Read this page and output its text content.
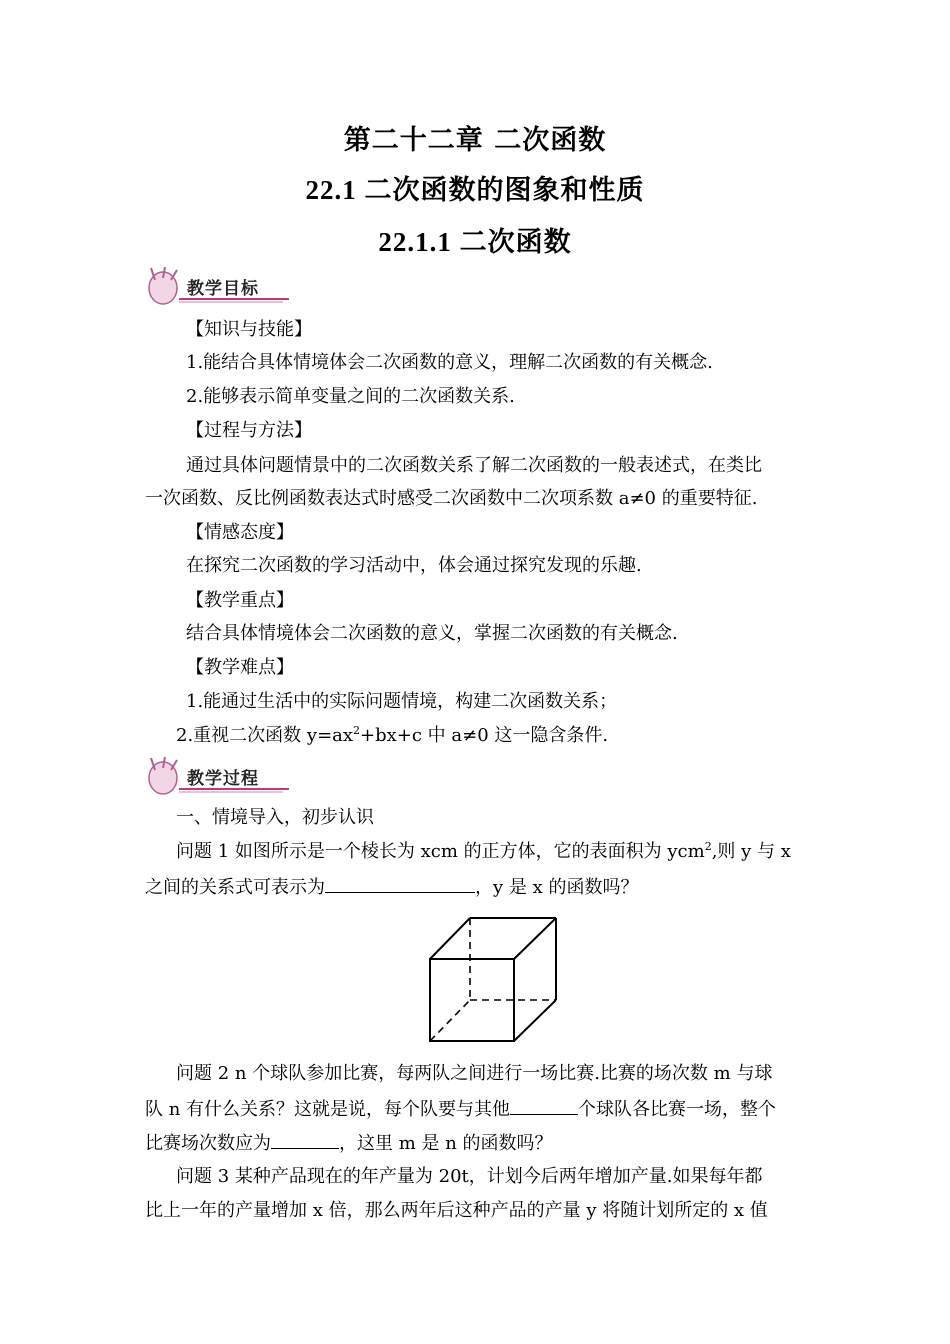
第二十二章 二次函数
22.1 二次函数的图象和性质
22.1.1 二次函数
教学目标
【知识与技能】
1.能结合具体情境体会二次函数的意义，理解二次函数的有关概念.
2.能够表示简单变量之间的二次函数关系.
【过程与方法】
通过具体问题情景中的二次函数关系了解二次函数的一般表述式，在类比
一次函数、反比例函数表达式时感受二次函数中二次项系数 a≠0 的重要特征.
【情感态度】
在探究二次函数的学习活动中，体会通过探究发现的乐趣.
【教学重点】
结合具体情境体会二次函数的意义，掌握二次函数的有关概念.
【教学难点】
1.能通过生活中的实际问题情境，构建二次函数关系；
2.重视二次函数 $y=ax^2+bx+c$ 中 a≠0 这一隐含条件.
教学过程
一、情境导入，初步认识
问题 1 如图所示是一个棱长为 xcm 的正方体，它的表面积为 ycm$^2$,则 y 与 x
之间的关系式可表示为	，y 是 x 的函数吗？
问题 2 n 个球队参加比赛，每两队之间进行一场比赛.比赛的场次数 m 与球
队 n 有什么关系？这就是说，每个队要与其他	个球队各比赛一场，整个
比赛场次数应为	，这里 m 是 n 的函数吗？
问题 3 某种产品现在的年产量为 20t，计划今后两年增加产量.如果每年都
比上一年的产量增加 x 倍，那么两年后这种产品的产量 y 将随计划所定的 x 值
